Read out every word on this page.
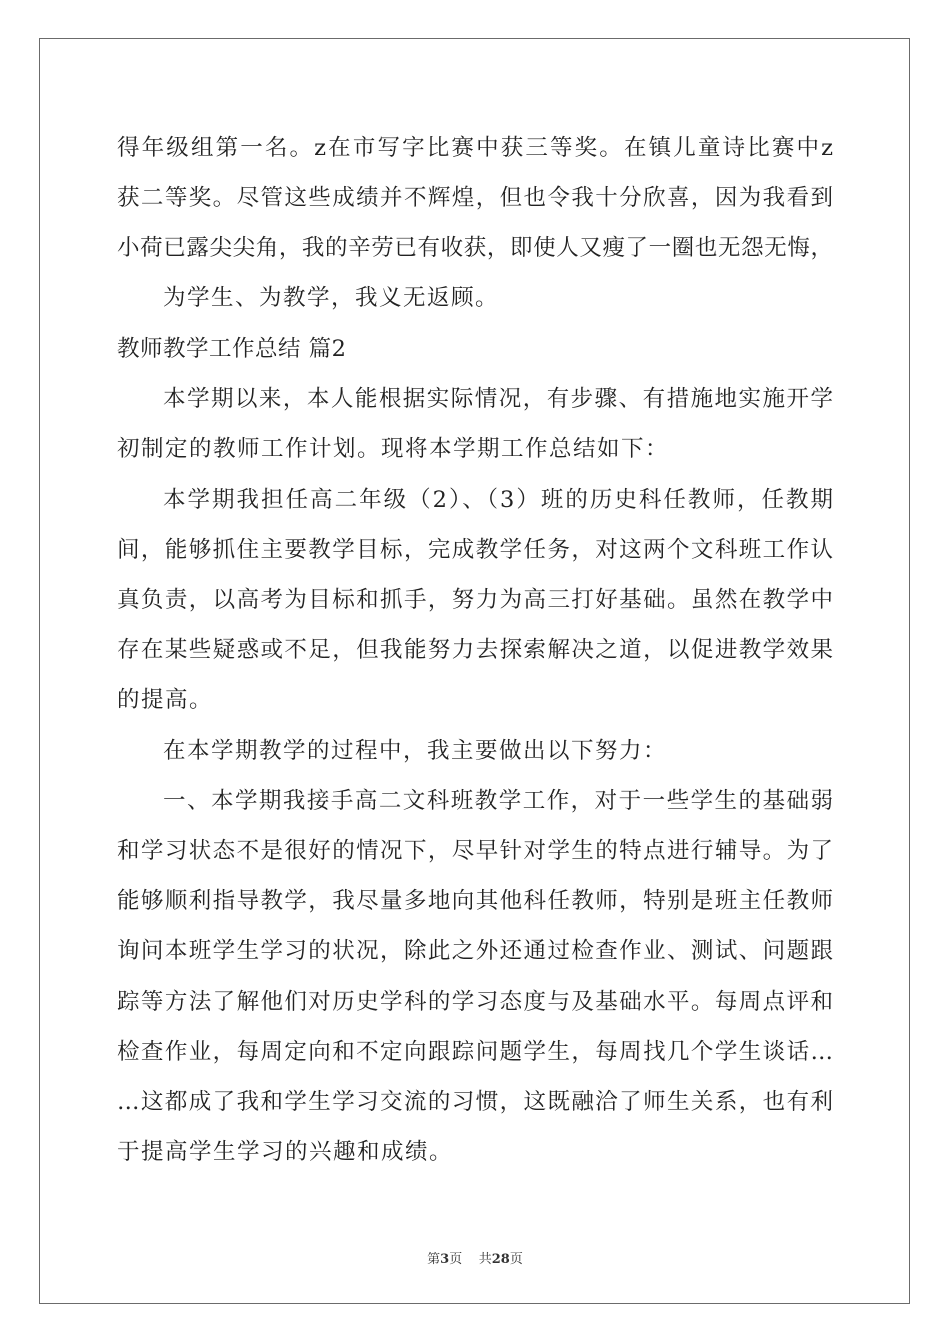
得年级组第一名。z在市写字比赛中获三等奖。在镇儿童诗比赛中z
获二等奖。尽管这些成绩并不辉煌，但也令我十分欣喜，因为我看到
小荷已露尖尖角，我的辛劳已有收获，即使人又瘦了一圈也无怨无悔，
为学生、为教学，我义无返顾。
教师教学工作总结 篇2
本学期以来，本人能根据实际情况，有步骤、有措施地实施开学
初制定的教师工作计划。现将本学期工作总结如下：
本学期我担任高二年级（2）、（3）班的历史科任教师，任教期
间，能够抓住主要教学目标，完成教学任务，对这两个文科班工作认
真负责，以高考为目标和抓手，努力为高三打好基础。虽然在教学中
存在某些疑惑或不足，但我能努力去探索解决之道，以促进教学效果
的提高。
在本学期教学的过程中，我主要做出以下努力：
一、本学期我接手高二文科班教学工作，对于一些学生的基础弱
和学习状态不是很好的情况下，尽早针对学生的特点进行辅导。为了
能够顺利指导教学，我尽量多地向其他科任教师，特别是班主任教师
询问本班学生学习的状况，除此之外还通过检查作业、测试、问题跟
踪等方法了解他们对历史学科的学习态度与及基础水平。每周点评和
检查作业，每周定向和不定向跟踪问题学生，每周找几个学生谈话…
…这都成了我和学生学习交流的习惯，这既融洽了师生关系，也有利
于提高学生学习的兴趣和成绩。
第3页 共28页
